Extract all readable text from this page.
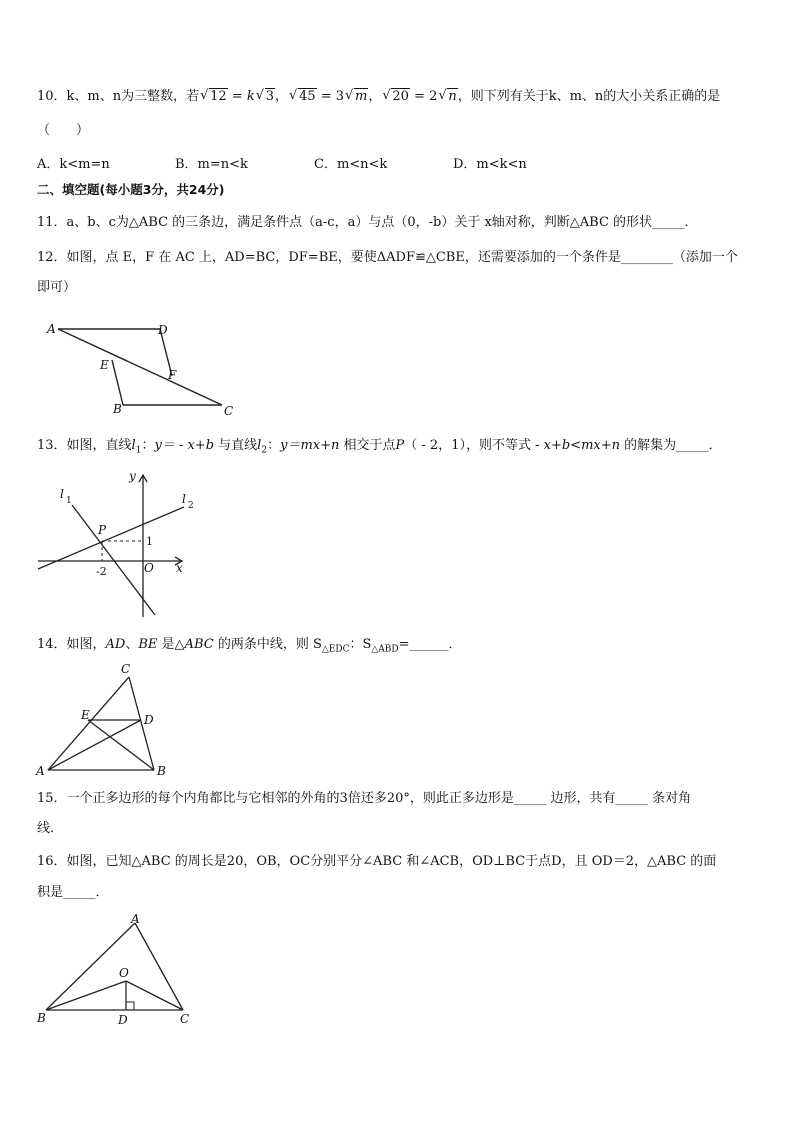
10．k、m、n为三整数，若 √ 12 = k √ 3， √ 45 = 3 √ m， √ 20 = 2 √ n，则下列有关于k、m、n的大小关系正确的是
（　　）
A．k<m=n	B．m=n<k	C．m<n<k	D．m<k<n
二、填空题(每小题3分，共24分)
11．a、b、c为△ABC 的三条边，满足条件点（a-c，a）与点（0，-b）关于 x轴对称，判断△ABC 的形状_____．
12．如图，点 E，F 在 AC 上，AD=BC，DF=BE，要使ΔADF≌△CBE，还需要添加的一个条件是________（添加一个
即可）
A	D
E
F
B	C
13．如图，直线$l_1$：y＝ - x+b 与直线$l_2$：y＝mx+n 相交于点P（ - 2，1），则不等式 - x+b<mx+n 的解集为_____．
y
x
O
P
1
-2
l 1	l 2
14．如图，AD、BE 是△ABC 的两条中线，则 $S_{\triangle EDC}$：$S_{\triangle ABD}=\_\_\_\_\_\_$．
C
E	D
A	B
15．一个正多边形的每个内角都比与它相邻的外角的3倍还多20°，则此正多边形是_____ 边形，共有_____ 条对角
线．
16．如图，已知△ABC 的周长是20，OB，OC分别平分∠ABC 和∠ACB，OD⊥BC于点D，且 OD＝2，△ABC 的面
积是_____．
A
O
B	D	C
